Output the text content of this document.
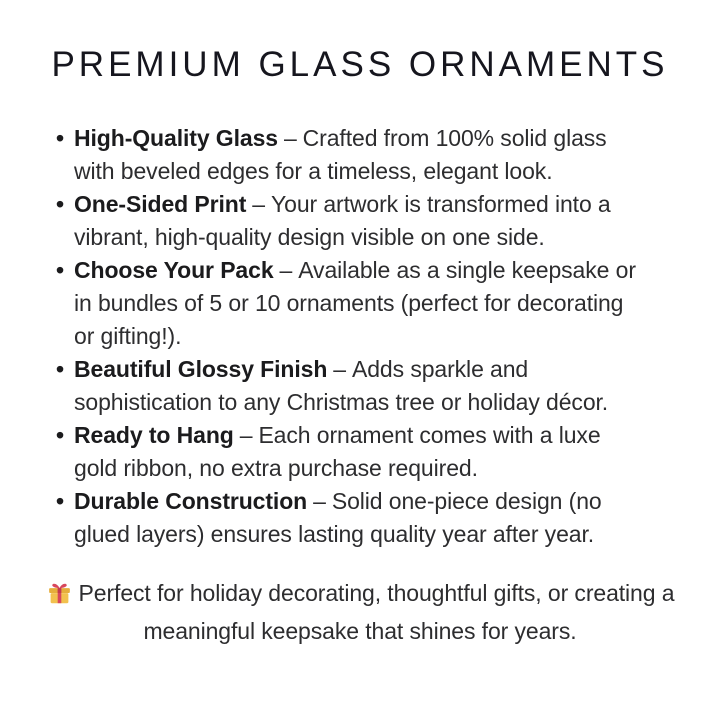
PREMIUM GLASS ORNAMENTS
• High-Quality Glass – Crafted from 100% solid glass with beveled edges for a timeless, elegant look.
• One-Sided Print – Your artwork is transformed into a vibrant, high-quality design visible on one side.
• Choose Your Pack – Available as a single keepsake or in bundles of 5 or 10 ornaments (perfect for decorating or gifting!).
• Beautiful Glossy Finish – Adds sparkle and sophistication to any Christmas tree or holiday décor.
• Ready to Hang – Each ornament comes with a luxe gold ribbon, no extra purchase required.
• Durable Construction – Solid one-piece design (no glued layers) ensures lasting quality year after year.

Perfect for holiday decorating, thoughtful gifts, or creating a meaningful keepsake that shines for years.
